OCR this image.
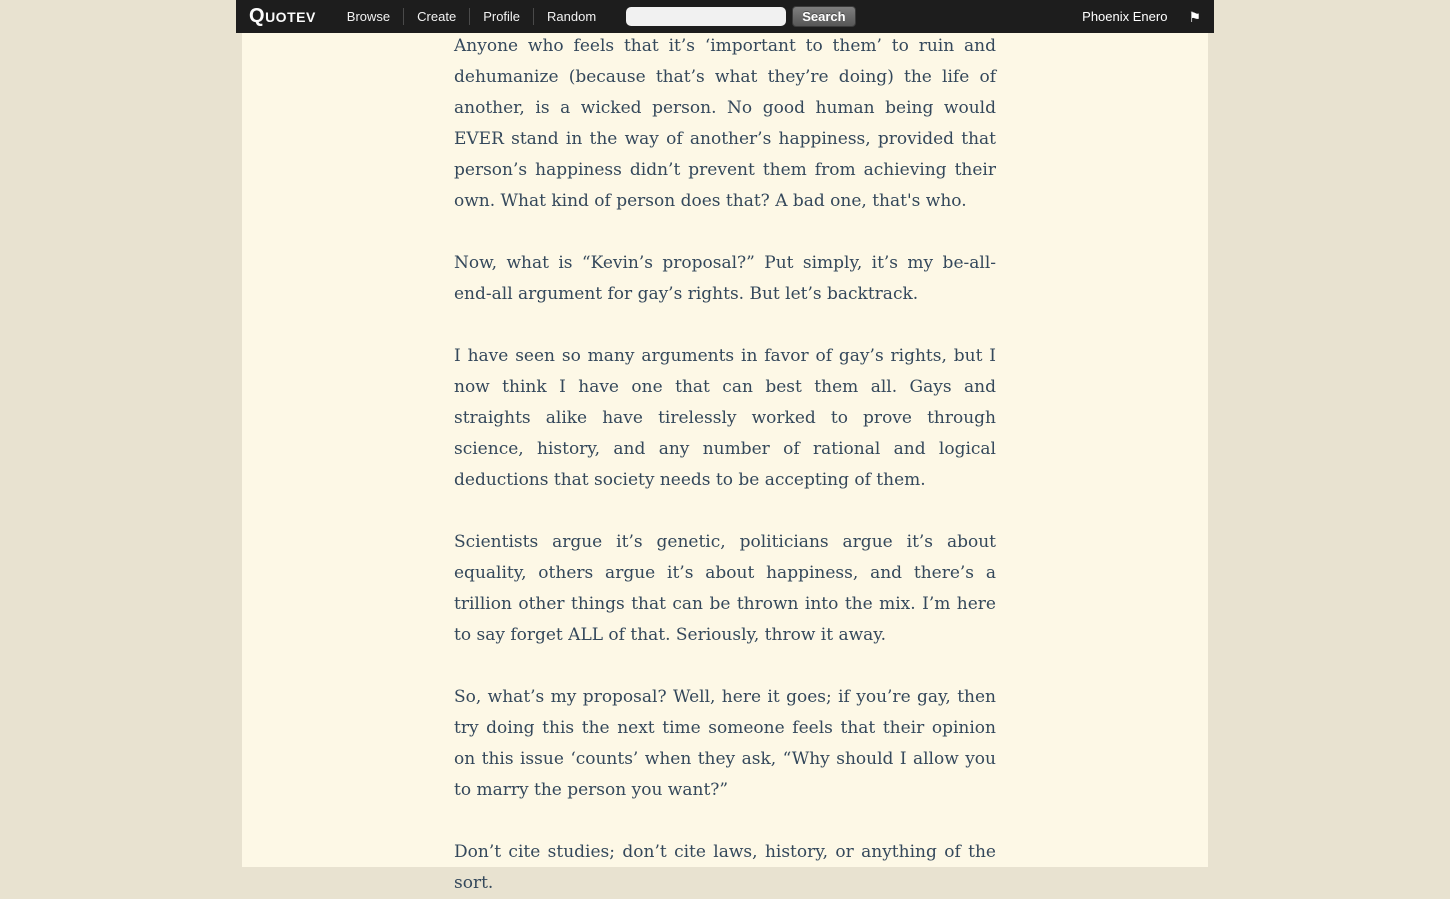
Anyone who feels that it’s ‘important to them’ to ruin and dehumanize (because that’s what they’re doing) the life of another, is a wicked person. No good human being would EVER stand in the way of another’s happiness, provided that person’s happiness didn’t prevent them from achieving their own. What kind of person does that? A bad one, that's who.

Now, what is “Kevin’s proposal?” Put simply, it’s my be-all-end-all argument for gay’s rights. But let’s backtrack.

I have seen so many arguments in favor of gay’s rights, but I now think I have one that can best them all. Gays and straights alike have tirelessly worked to prove through science, history, and any number of rational and logical deductions that society needs to be accepting of them.

Scientists argue it’s genetic, politicians argue it’s about equality, others argue it’s about happiness, and there’s a trillion other things that can be thrown into the mix. I’m here to say forget ALL of that. Seriously, throw it away.

So, what’s my proposal? Well, here it goes; if you’re gay, then try doing this the next time someone feels that their opinion on this issue ‘counts’ when they ask, “Why should I allow you to marry the person you want?”

Don’t cite studies; don’t cite laws, history, or anything of the sort.

QUOTEV	Browse	Create	Profile	Random	Search	Phoenix Enero ⚑
